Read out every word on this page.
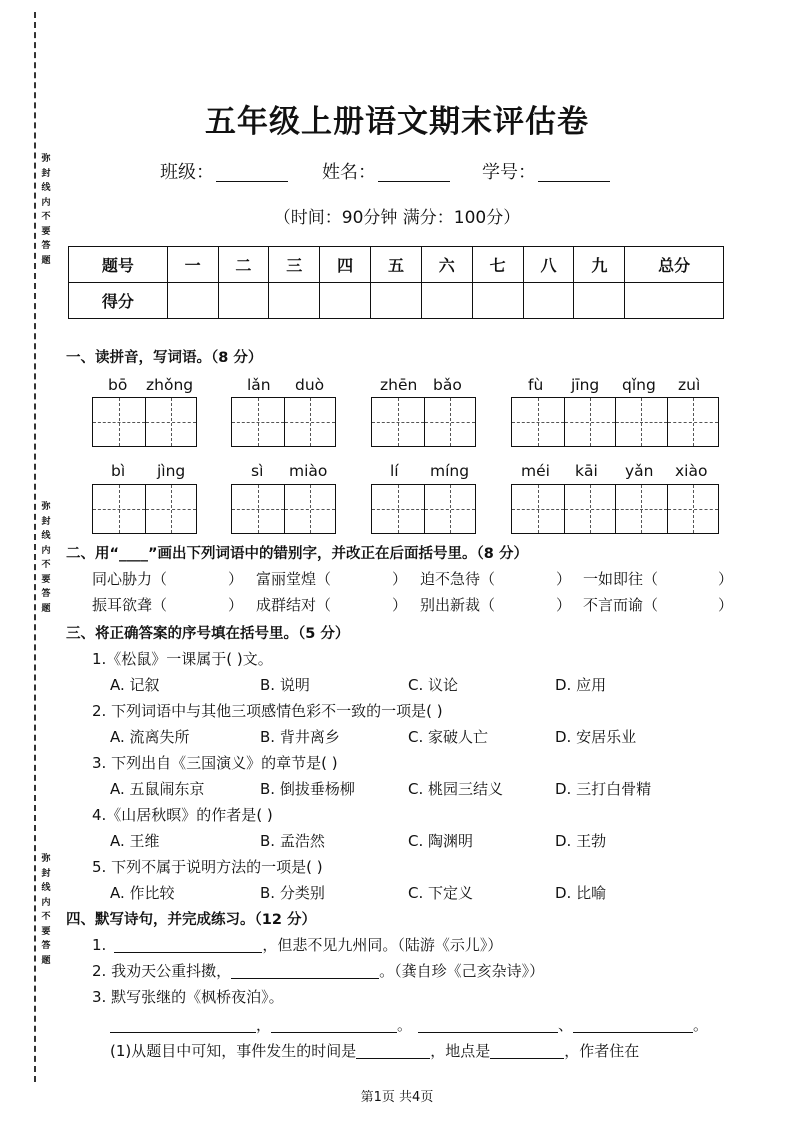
弥
封
线
内
不
要
答
题
弥
封
线
内
不
要
答
题
弥
封
线
内
不
要
答
题
五年级上册语文期末评估卷
班级：	姓名：	学号：
（时间：90分钟 满分：100分）
题号	一	二	三	四	五	六	七	八	九	总分
得分										
一、读拼音，写词语。（8 分）
bō zhǒng	lǎn duò	zhēn bǎo	fù jīng qǐng zuì
bì jìng	sì miào	lí míng	méi kāi yǎn xiào
二、用“____”画出下列词语中的错别字，并改正在后面括号里。（8 分）
同心胁力（	） 富丽堂煌（	） 迫不急待（	） 一如即往（	）
振耳欲聋（	） 成群结对（	） 别出新裁（	） 不言而谕（	）
三、将正确答案的序号填在括号里。（5 分）
1.《松鼠》一课属于( )文。
A. 记叙	B. 说明	C. 议论	D. 应用
2. 下列词语中与其他三项感情色彩不一致的一项是( )
A. 流离失所	B. 背井离乡	C. 家破人亡	D. 安居乐业
3. 下列出自《三国演义》的章节是( )
A. 五鼠闹东京	B. 倒拔垂杨柳	C. 桃园三结义	D. 三打白骨精
4.《山居秋暝》的作者是( )
A. 王维	B. 孟浩然	C. 陶渊明	D. 王勃
5. 下列不属于说明方法的一项是( )
A. 作比较	B. 分类别	C. 下定义	D. 比喻
四、默写诗句，并完成练习。（12 分）
1.	，但悲不见九州同。（陆游《示儿》）
2. 我劝天公重抖擞，	。（龚自珍《己亥杂诗》）
3. 默写张继的《枫桥夜泊》。
，	。	、	。
(1)从题目中可知，事件发生的时间是	，地点是	，作者住在
第1页 共4页
